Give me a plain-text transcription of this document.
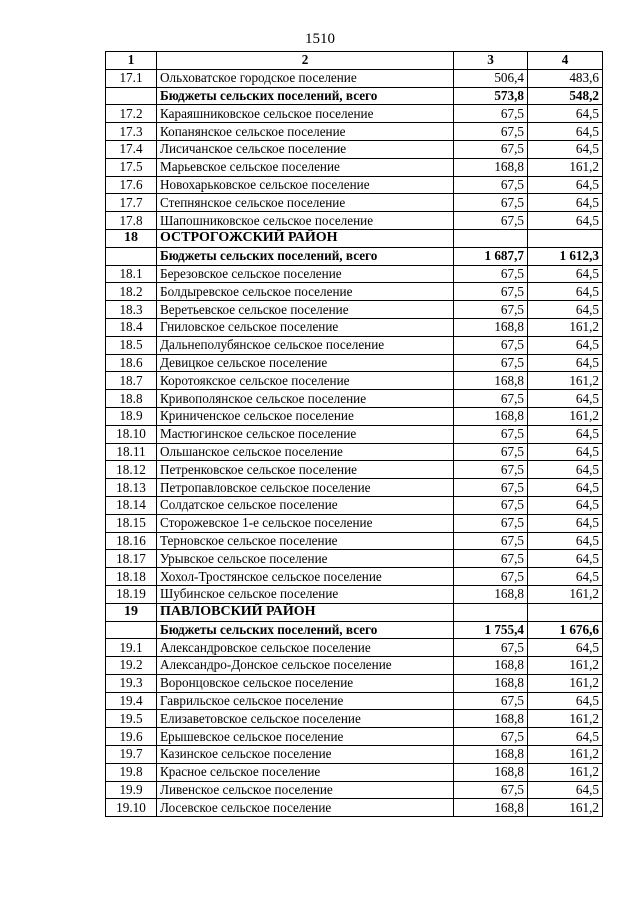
1510
1	2	3	4
17.1	Ольховатское городское поселение	506,4	483,6
	Бюджеты сельских поселений, всего	573,8	548,2
17.2	Караяшниковское сельское поселение	67,5	64,5
17.3	Копанянское сельское поселение	67,5	64,5
17.4	Лисичанское сельское поселение	67,5	64,5
17.5	Марьевское сельское поселение	168,8	161,2
17.6	Новохарьковское сельское поселение	67,5	64,5
17.7	Степнянское сельское поселение	67,5	64,5
17.8	Шапошниковское сельское поселение	67,5	64,5
18	ОСТРОГОЖСКИЙ РАЙОН		
	Бюджеты сельских поселений, всего	1 687,7	1 612,3
18.1	Березовское сельское поселение	67,5	64,5
18.2	Болдыревское сельское поселение	67,5	64,5
18.3	Веретьевское сельское поселение	67,5	64,5
18.4	Гниловское сельское поселение	168,8	161,2
18.5	Дальнеполубянское сельское поселение	67,5	64,5
18.6	Девицкое сельское поселение	67,5	64,5
18.7	Коротоякское сельское поселение	168,8	161,2
18.8	Кривополянское сельское поселение	67,5	64,5
18.9	Криниченское сельское поселение	168,8	161,2
18.10	Мастюгинское сельское поселение	67,5	64,5
18.11	Ольшанское сельское поселение	67,5	64,5
18.12	Петренковское сельское поселение	67,5	64,5
18.13	Петропавловское сельское поселение	67,5	64,5
18.14	Солдатское сельское поселение	67,5	64,5
18.15	Сторожевское 1-е сельское поселение	67,5	64,5
18.16	Терновское сельское поселение	67,5	64,5
18.17	Урывское сельское поселение	67,5	64,5
18.18	Хохол-Тростянское сельское поселение	67,5	64,5
18.19	Шубинское сельское поселение	168,8	161,2
19	ПАВЛОВСКИЙ РАЙОН		
	Бюджеты сельских поселений, всего	1 755,4	1 676,6
19.1	Александровское сельское поселение	67,5	64,5
19.2	Александро-Донское сельское поселение	168,8	161,2
19.3	Воронцовское сельское поселение	168,8	161,2
19.4	Гаврильское сельское поселение	67,5	64,5
19.5	Елизаветовское сельское поселение	168,8	161,2
19.6	Ерышевское сельское поселение	67,5	64,5
19.7	Казинское сельское поселение	168,8	161,2
19.8	Красное сельское поселение	168,8	161,2
19.9	Ливенское сельское поселение	67,5	64,5
19.10	Лосевское сельское поселение	168,8	161,2
